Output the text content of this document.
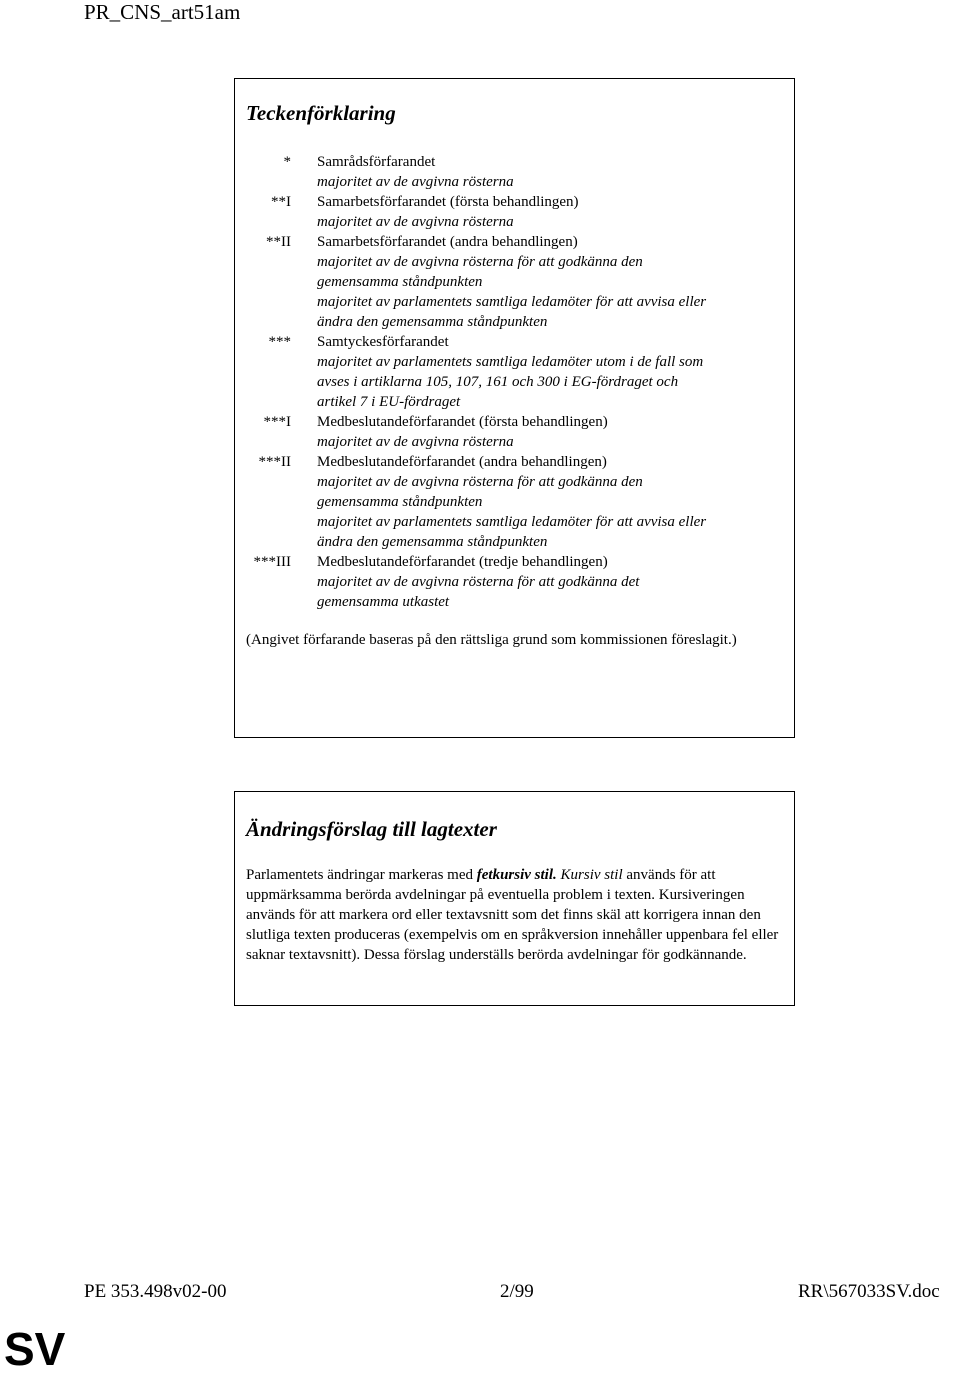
PR_CNS_art51am
Teckenförklaring
* Samrådsförfarandet
majoritet av de avgivna rösterna
**I Samarbetsförfarandet (första behandlingen)
majoritet av de avgivna rösterna
**II Samarbetsförfarandet (andra behandlingen)
majoritet av de avgivna rösterna för att godkänna den
gemensamma ståndpunkten
majoritet av parlamentets samtliga ledamöter för att avvisa eller
ändra den gemensamma ståndpunkten
*** Samtyckesförfarandet
majoritet av parlamentets samtliga ledamöter utom i de fall som
avses i artiklarna 105, 107, 161 och 300 i EG-fördraget och
artikel 7 i EU-fördraget
***I Medbeslutandeförfarandet (första behandlingen)
majoritet av de avgivna rösterna
***II Medbeslutandeförfarandet (andra behandlingen)
majoritet av de avgivna rösterna för att godkänna den
gemensamma ståndpunkten
majoritet av parlamentets samtliga ledamöter för att avvisa eller
ändra den gemensamma ståndpunkten
***III Medbeslutandeförfarandet (tredje behandlingen)
majoritet av de avgivna rösterna för att godkänna det
gemensamma utkastet
(Angivet förfarande baseras på den rättsliga grund som kommissionen föreslagit.)
Ändringsförslag till lagtexter
Parlamentets ändringar markeras med fetkursiv stil. Kursiv stil används för att uppmärksamma berörda avdelningar på eventuella problem i texten. Kursiveringen används för att markera ord eller textavsnitt som det finns skäl att korrigera innan den slutliga texten produceras (exempelvis om en språkversion innehåller uppenbara fel eller saknar textavsnitt). Dessa förslag underställs berörda avdelningar för godkännande.
PE 353.498v02-00	2/99	RR\567033SV.doc
SV
